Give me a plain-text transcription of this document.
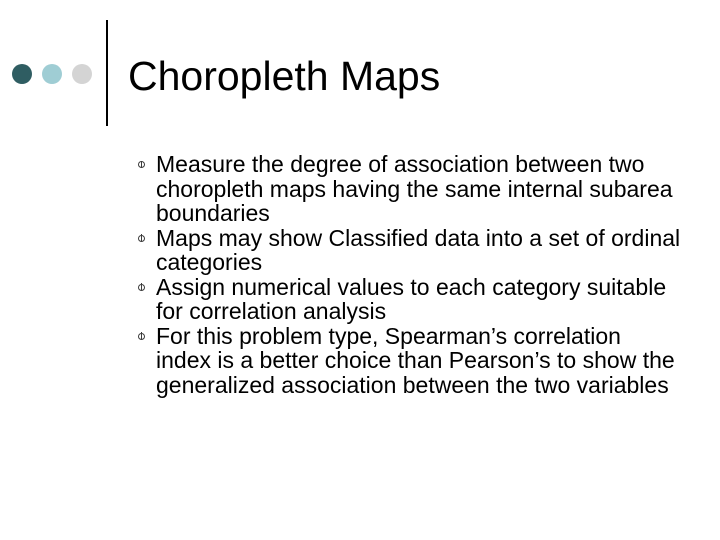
Choropleth Maps
Measure the degree of association between two choropleth maps having the same internal subarea boundaries
Maps may show Classified data into a set of ordinal categories
Assign numerical values to each category suitable for correlation analysis
For this problem type, Spearman’s correlation index is a better choice than Pearson’s to show the generalized association between the two variables
